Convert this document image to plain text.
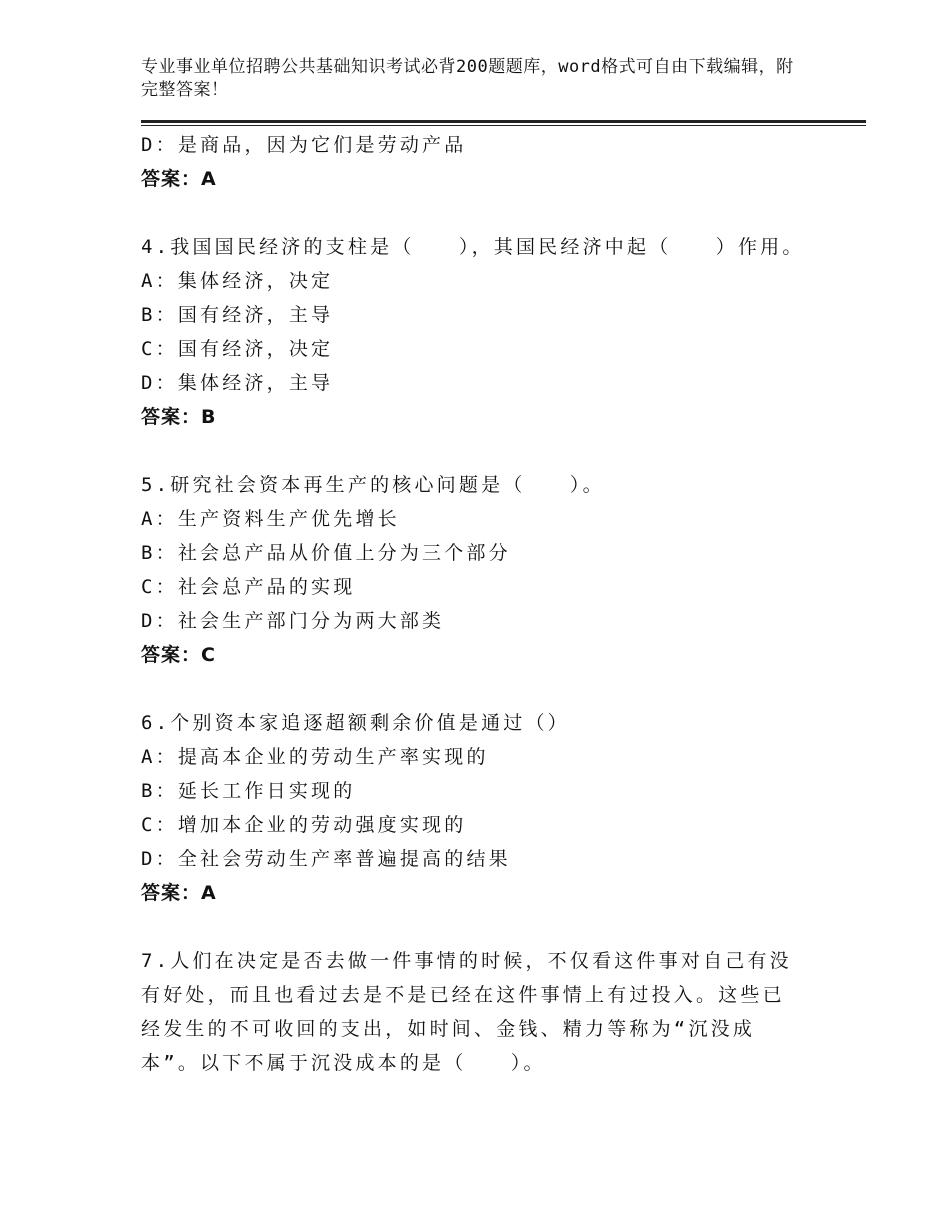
专业事业单位招聘公共基础知识考试必背200题题库，word格式可自由下载编辑，附完整答案！
D：是商品，因为它们是劳动产品
答案：A
4.我国国民经济的支柱是（　　），其国民经济中起（　　）作用。
A：集体经济，决定
B：国有经济，主导
C：国有经济，决定
D：集体经济，主导
答案：B
5.研究社会资本再生产的核心问题是（　　）。
A：生产资料生产优先增长
B：社会总产品从价值上分为三个部分
C：社会总产品的实现
D：社会生产部门分为两大部类
答案：C
6.个别资本家追逐超额剩余价值是通过（）
A：提高本企业的劳动生产率实现的
B：延长工作日实现的
C：增加本企业的劳动强度实现的
D：全社会劳动生产率普遍提高的结果
答案：A
7.人们在决定是否去做一件事情的时候，不仅看这件事对自己有没有好处，而且也看过去是不是已经在这件事情上有过投入。这些已经发生的不可收回的支出，如时间、金钱、精力等称为“沉没成本”。以下不属于沉没成本的是（　　）。
